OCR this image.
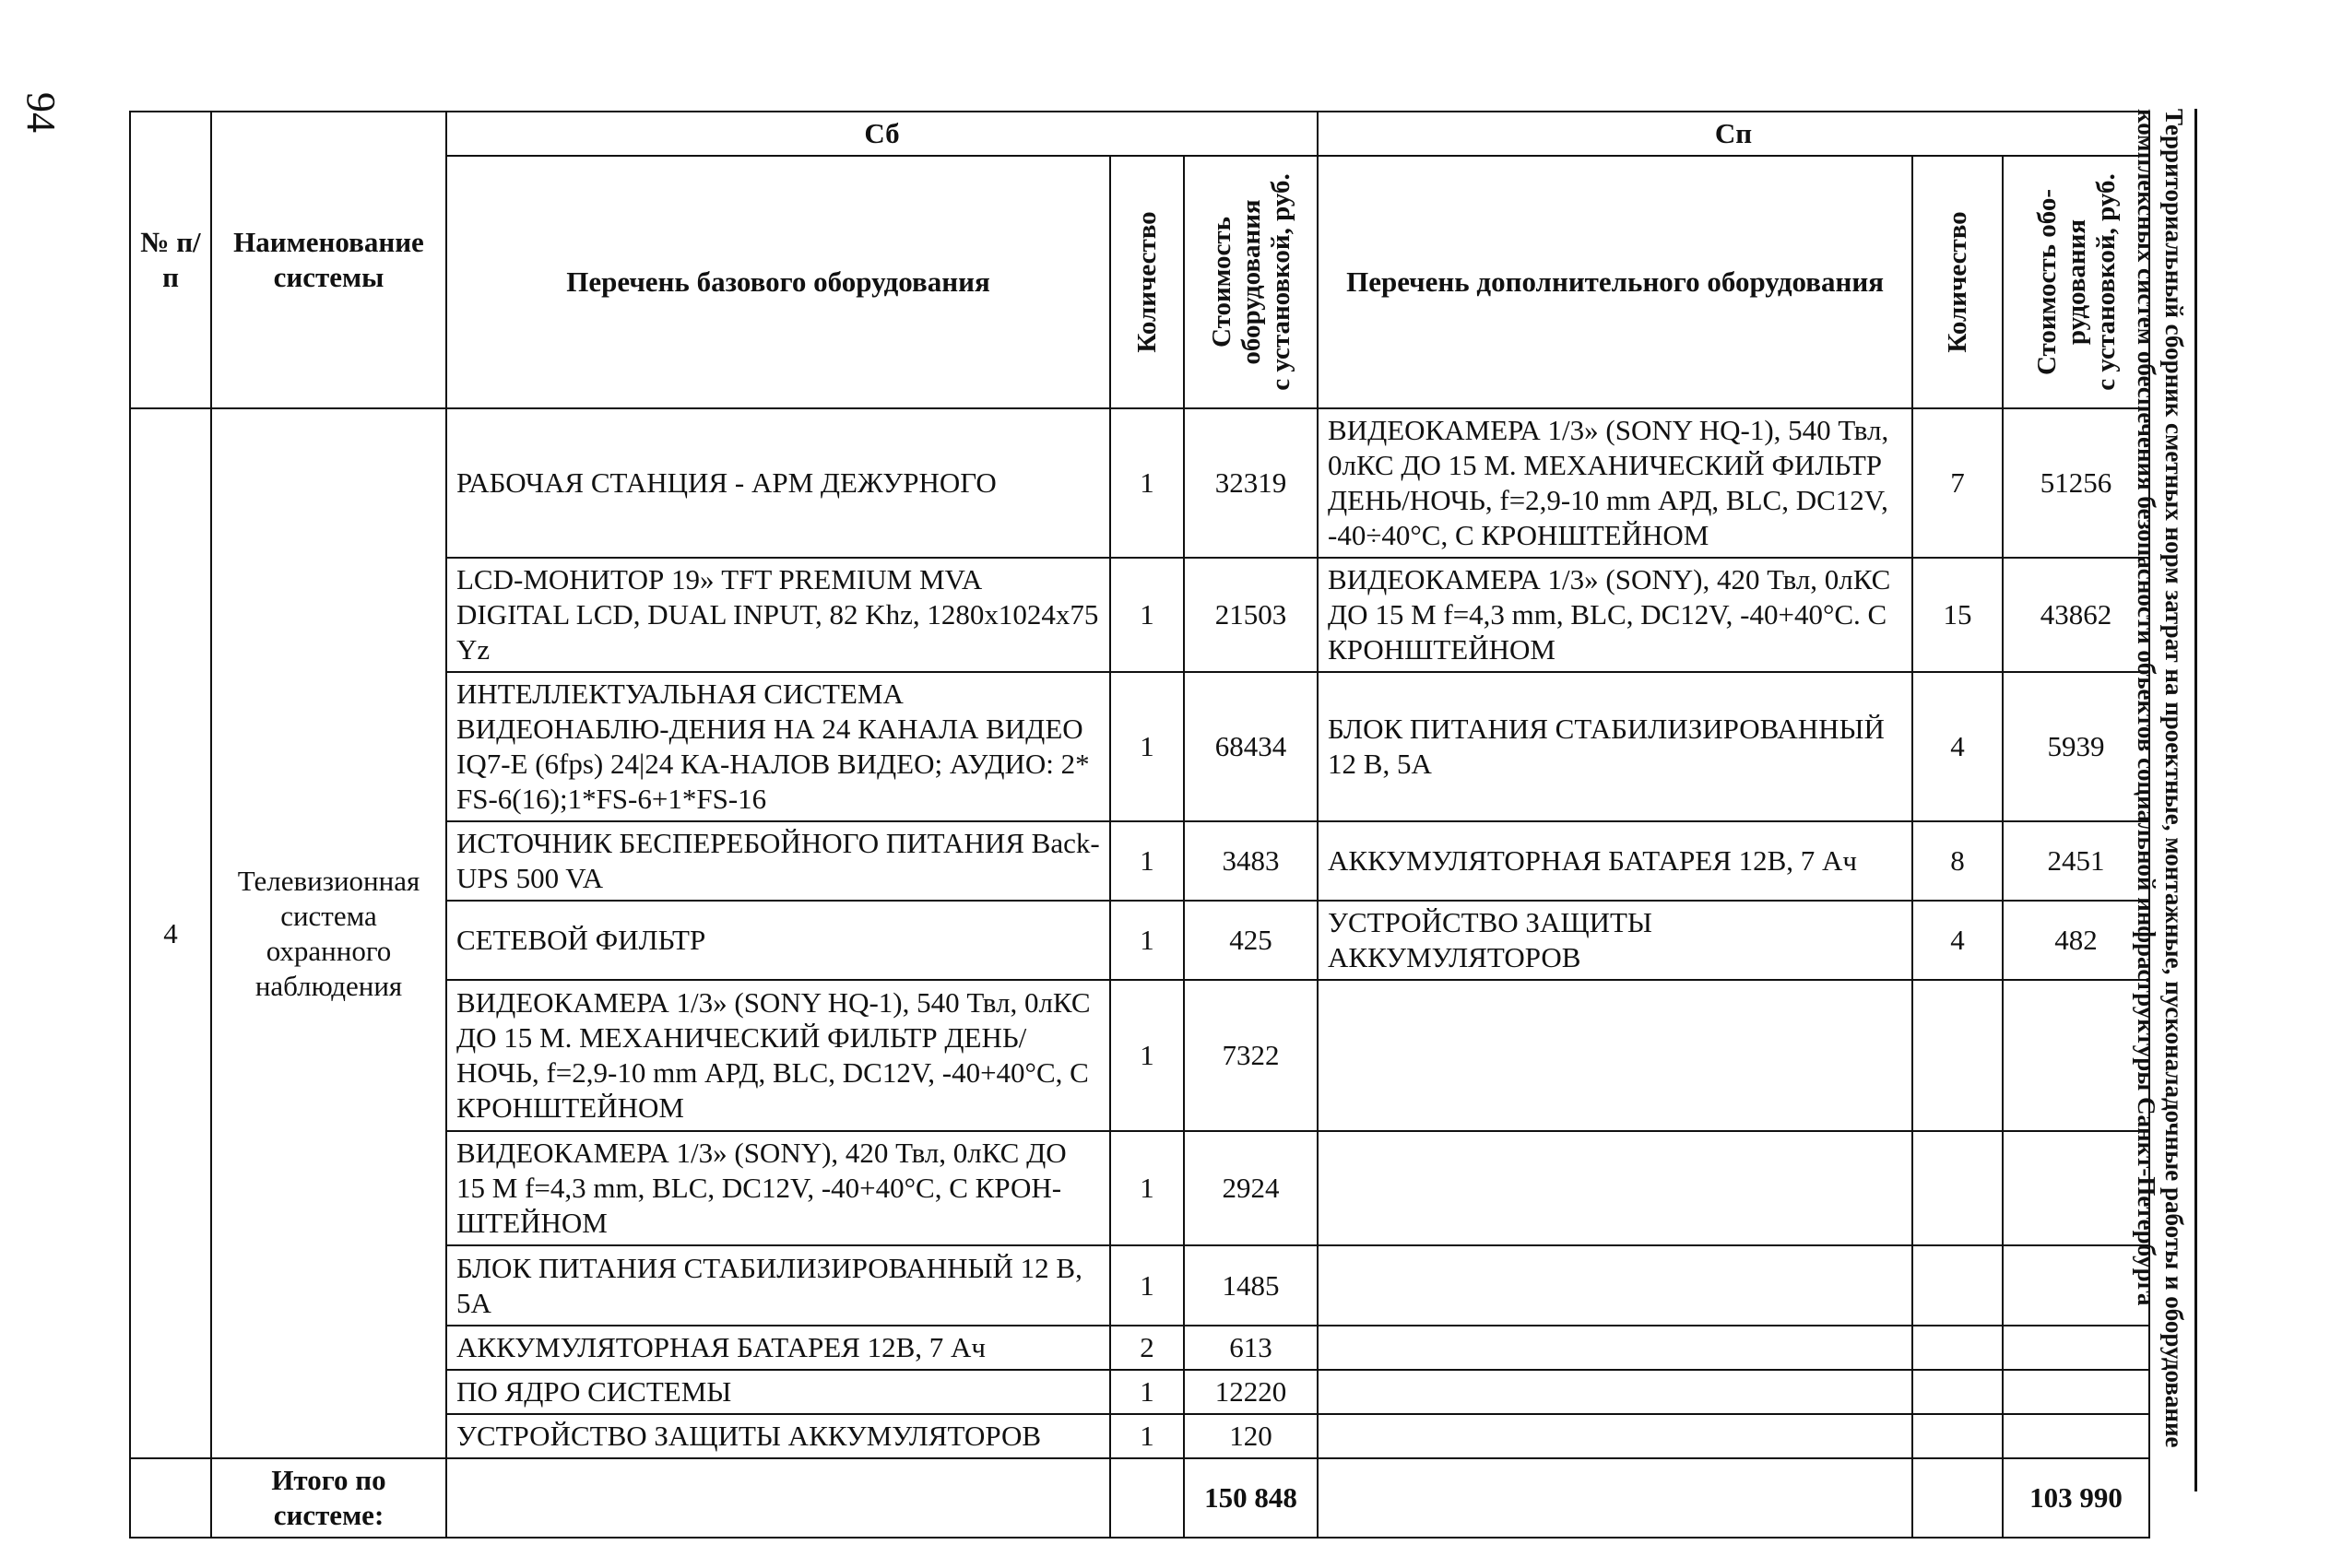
94	Территориальный сборник сметных норм затрат на проектные, монтажные, пусконаладочные работы и оборудование
комплексных систем обеспечения безопасности объектов социальной инфраструктуры Санкт-Петербурга
№ п/п	Наименование системы	Сб			Сп		
		Перечень базового оборудования	Количество	Стоимость оборудования с установкой, руб.	Перечень дополнительного оборудования	Количество	Стоимость обо- рудования с установкой, руб.

4	Телевизионная система охранного наблюдения	РАБОЧАЯ СТАНЦИЯ - АРМ ДЕЖУРНОГО	1	32319	ВИДЕОКАМЕРА 1/3» (SONY HQ-1), 540 Твл, 0лКС ДО 15 М. МЕХАНИЧЕСКИЙ ФИЛЬТР ДЕНЬ/НОЧЬ, f=2,9-10 mm АРД, BLC, DC12V, -40÷40°С, С КРОНШТЕЙНОМ	7	51256
		LCD-МОНИТОР 19» TFT PREMIUM MVA DIGITAL LCD, DUAL INPUT, 82 Khz, 1280x1024x75 Yz	1	21503	ВИДЕОКАМЕРА 1/3» (SONY), 420 Твл, 0лКС ДО 15 М f=4,3 mm, BLC, DC12V, -40+40°С. С КРОНШТЕЙНОМ	15	43862
		ИНТЕЛЛЕКТУАЛЬНАЯ СИСТЕМА ВИДЕОНАБЛЮ-ДЕНИЯ НА 24 КАНАЛА ВИДЕО IQ7-E (6fps) 24|24 КА-НАЛОВ ВИДЕО; АУДИО: 2* FS-6(16);1*FS-6+1*FS-16	1	68434	БЛОК ПИТАНИЯ СТАБИЛИЗИРОВАННЫЙ 12 В, 5А	4	5939
		ИСТОЧНИК БЕСПЕРЕБОЙНОГО ПИТАНИЯ Back-UPS 500 VA	1	3483	АККУМУЛЯТОРНАЯ БАТАРЕЯ 12В, 7 Ач	8	2451
		СЕТЕВОЙ ФИЛЬТР	1	425	УСТРОЙСТВО ЗАЩИТЫ АККУМУЛЯТОРОВ	4	482
		ВИДЕОКАМЕРА 1/3» (SONY HQ-1), 540 Твл, 0лКС ДО 15 М. МЕХАНИЧЕСКИЙ ФИЛЬТР ДЕНЬ/НОЧЬ, f=2,9-10 mm АРД, BLC, DC12V, -40+40°С, С КРОНШТЕЙНОМ	1	7322			
		ВИДЕОКАМЕРА 1/3» (SONY), 420 Твл, 0лКС ДО 15 М f=4,3 mm, BLC, DC12V, -40+40°С, С КРОН-ШТЕЙНОМ	1	2924			
		БЛОК ПИТАНИЯ СТАБИЛИЗИРОВАННЫЙ 12 В, 5А	1	1485			
		АККУМУЛЯТОРНАЯ БАТАРЕЯ 12В, 7 Ач	2	613			
		ПО ЯДРО СИСТЕМЫ	1	12220			
		УСТРОЙСТВО ЗАЩИТЫ АККУМУЛЯТОРОВ	1	120			
	Итого по системе:			150 848			103 990
